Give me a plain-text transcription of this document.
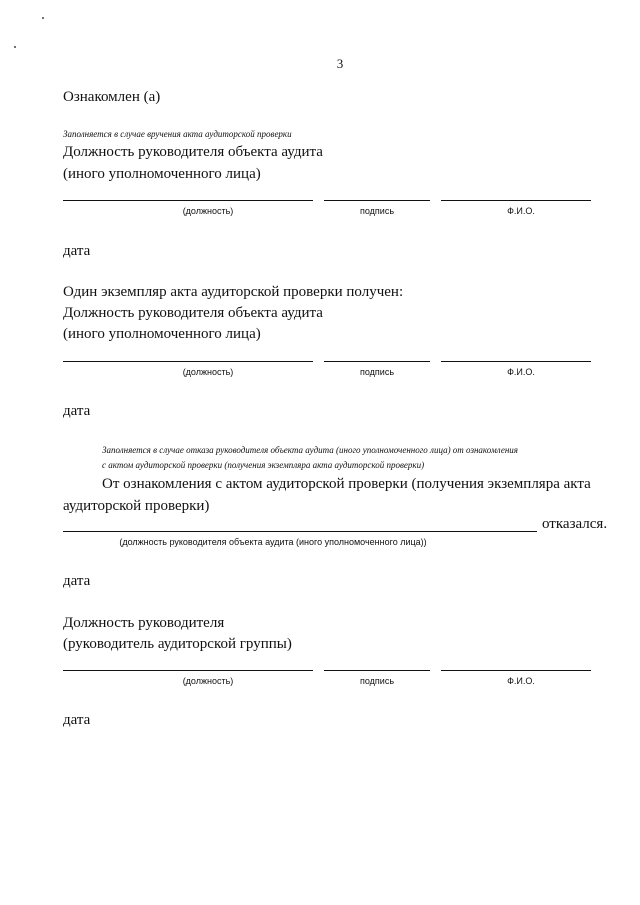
3
Ознакомлен (а)
Заполняется в случае вручения акта аудиторской проверки
Должность руководителя объекта аудита
(иного уполномоченного лица)
(должность)	подпись	Ф.И.О.
дата
Один экземпляр акта аудиторской проверки получен:
Должность руководителя объекта аудита
(иного уполномоченного лица)
(должность)	подпись	Ф.И.О.
дата
Заполняется в случае отказа руководителя объекта аудита (иного уполномоченного лица) от ознакомления
с актом аудиторской проверки (получения экземпляра акта аудиторской проверки)
От ознакомления с актом аудиторской проверки (получения экземпляра акта
аудиторской проверки)
отказался.
(должность руководителя объекта аудита (иного уполномоченного лица))
дата
Должность руководителя
(руководитель аудиторской группы)
(должность)	подпись	Ф.И.О.
дата
